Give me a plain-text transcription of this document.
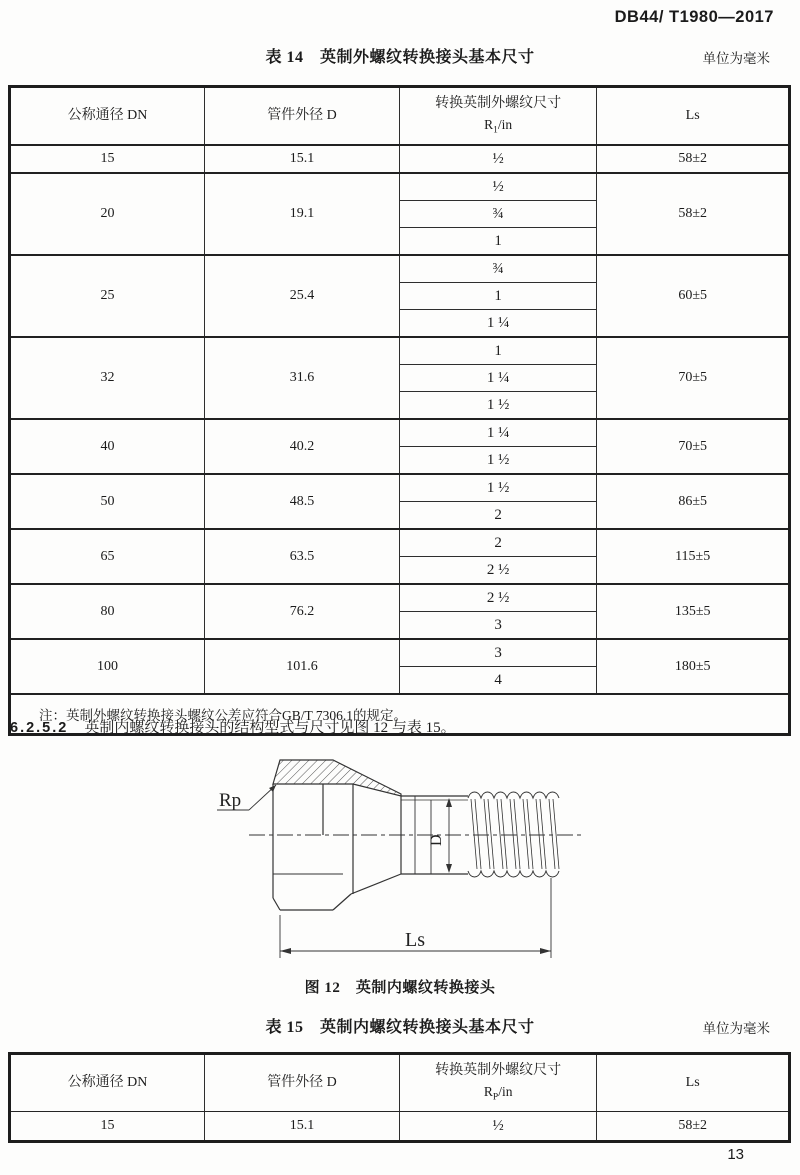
DB44/ T1980—2017
表 14　英制外螺纹转换接头基本尺寸	单位为毫米
公称通径 DN	管件外径 D	转换英制外螺纹尺寸
$R_1/in$	Ls
15	15.1	½	58±2
20	19.1	½	58±2
		¾	
		1	
25	25.4	¾	60±5
		1	
		1 ¼	
32	31.6	1	70±5
		1 ¼	
		1 ½	
40	40.2	1 ¼	70±5
		1 ½	
50	48.5	1 ½	86±5
		2	
65	63.5	2	115±5
		2 ½	
80	76.2	2 ½	135±5
		3	
100	101.6	3	180±5
		4	
注：英制外螺纹转换接头螺纹公差应符合GB/T 7306.1的规定。			
6.2.5.2 英制内螺纹转换接头的结构型式与尺寸见图 12 与表 15。
Rp
D
Ls
图 12　英制内螺纹转换接头
表 15　英制内螺纹转换接头基本尺寸	单位为毫米
公称通径 DN	管件外径 D	转换英制外螺纹尺寸
$R_P/in$	Ls
15	15.1	½	58±2
13
